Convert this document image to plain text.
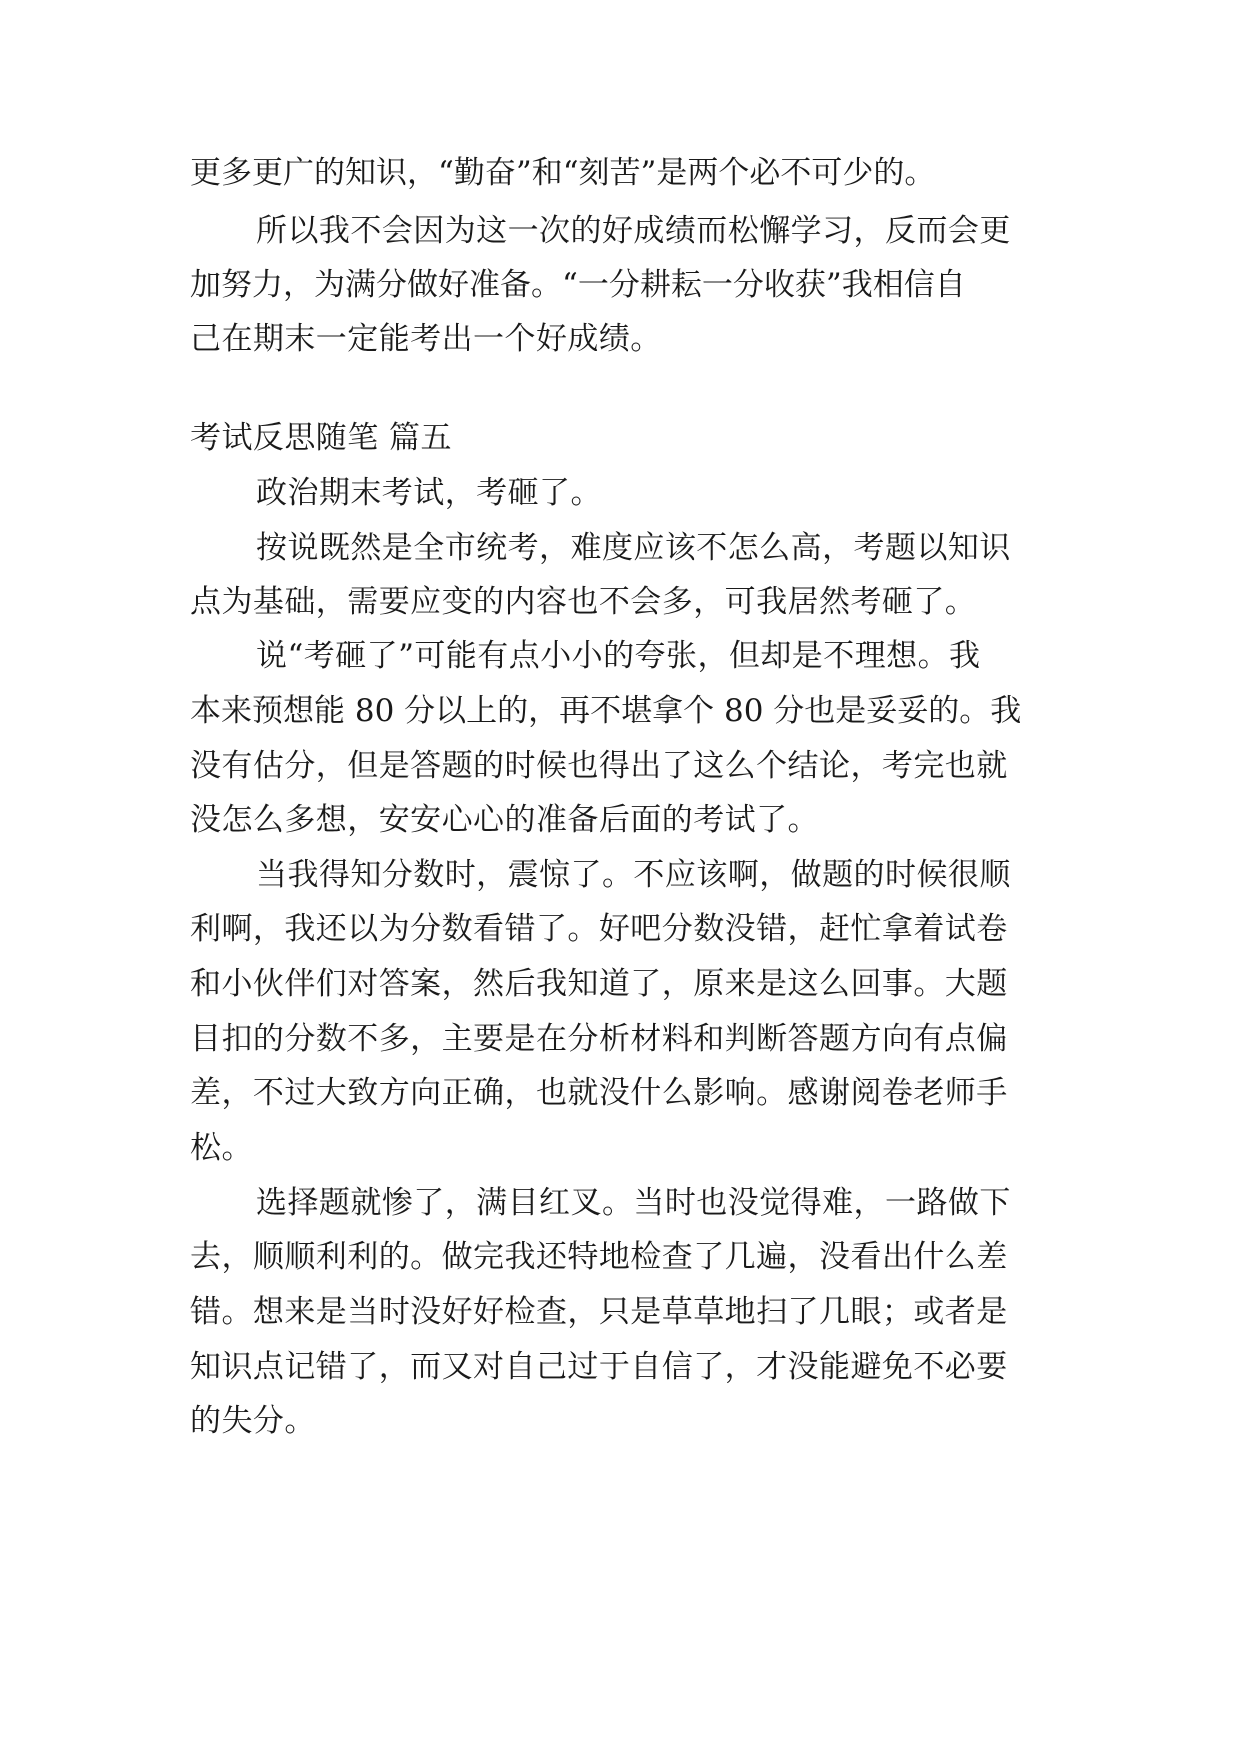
更多更广的知识，“勤奋”和“刻苦”是两个必不可少的。
所以我不会因为这一次的好成绩而松懈学习，反而会更
加努力，为满分做好准备。“一分耕耘一分收获”我相信自
己在期末一定能考出一个好成绩。
考试反思随笔 篇五
政治期末考试，考砸了。
按说既然是全市统考，难度应该不怎么高，考题以知识
点为基础，需要应变的内容也不会多，可我居然考砸了。
说“考砸了”可能有点小小的夸张，但却是不理想。我
本来预想能 80 分以上的，再不堪拿个 80 分也是妥妥的。我
没有估分，但是答题的时候也得出了这么个结论，考完也就
没怎么多想，安安心心的准备后面的考试了。
当我得知分数时，震惊了。不应该啊，做题的时候很顺
利啊，我还以为分数看错了。好吧分数没错，赶忙拿着试卷
和小伙伴们对答案，然后我知道了，原来是这么回事。大题
目扣的分数不多，主要是在分析材料和判断答题方向有点偏
差，不过大致方向正确，也就没什么影响。感谢阅卷老师手
松。
选择题就惨了，满目红叉。当时也没觉得难，一路做下
去，顺顺利利的。做完我还特地检查了几遍，没看出什么差
错。想来是当时没好好检查，只是草草地扫了几眼；或者是
知识点记错了，而又对自己过于自信了，才没能避免不必要
的失分。
